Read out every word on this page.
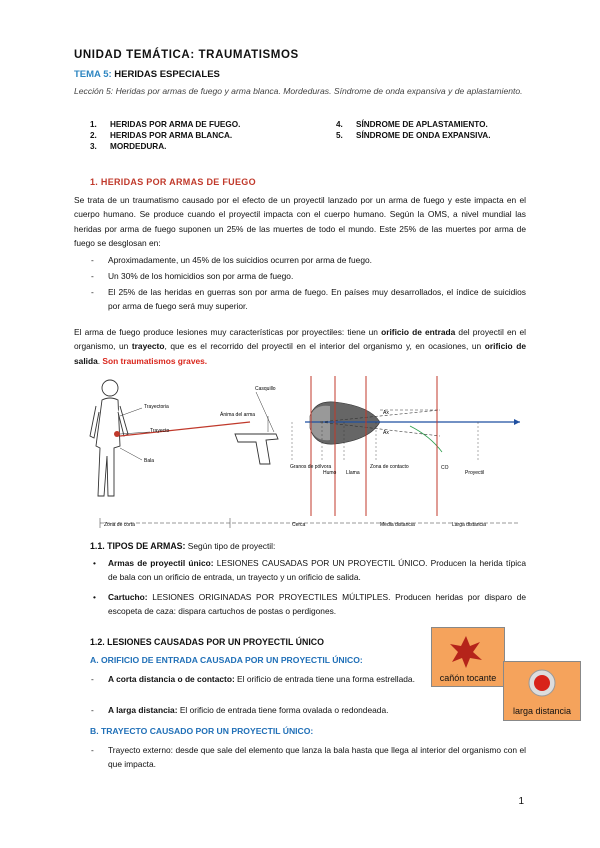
UNIDAD TEMÁTICA: TRAUMATISMOS
TEMA 5: HERIDAS ESPECIALES
Lección 5: Heridas por armas de fuego y arma blanca. Mordeduras. Síndrome de onda expansiva y de aplastamiento.
1. HERIDAS POR ARMA DE FUEGO.
2. HERIDAS POR ARMA BLANCA.
3. MORDEDURA.
4. SÍNDROME DE APLASTAMIENTO.
5. SÍNDROME DE ONDA EXPANSIVA.
1. HERIDAS POR ARMAS DE FUEGO
Se trata de un traumatismo causado por el efecto de un proyectil lanzado por un arma de fuego y este impacta en el cuerpo humano. Se produce cuando el proyectil impacta con el cuerpo humano. Según la OMS, a nivel mundial las heridas por arma de fuego suponen un 25% de las muertes de todo el mundo. Este 25% de las muertes por arma de fuego se desglosan en:
- Aproximadamente, un 45% de los suicidios ocurren por arma de fuego.
- Un 30% de los homicidios son por arma de fuego.
- El 25% de las heridas en guerras son por arma de fuego. En países muy desarrollados, el índice de suicidios por arma de fuego será muy superior.
El arma de fuego produce lesiones muy características por proyectiles: tiene un orificio de entrada del proyectil en el organismo, un trayecto, que es el recorrido del proyectil en el interior del organismo y, en ocasiones, un orificio de salida. Son traumatismos graves.
Trayectoria
Trayecto
Bala
Casquillo
Ánima del arma
Granos de pólvora
Humo Llama
Zona de contacto
Proyectil
CO
Ax
Ax
Zona de corta	Cerca	Media distancia	Larga distancia
1.1. TIPOS DE ARMAS: Según tipo de proyectil:
• Armas de proyectil único: LESIONES CAUSADAS POR UN PROYECTIL ÚNICO. Producen la herida típica de bala con un orificio de entrada, un trayecto y un orificio de salida.
• Cartucho: LESIONES ORIGINADAS POR PROYECTILES MÚLTIPLES. Producen heridas por disparo de escopeta de caza: dispara cartuchos de postas o perdigones.
1.2. LESIONES CAUSADAS POR UN PROYECTIL ÚNICO
A. ORIFICIO DE ENTRADA CAUSADA POR UN PROYECTIL ÚNICO:
- A corta distancia o de contacto: El orificio de entrada tiene una forma estrellada.
- A larga distancia: El orificio de entrada tiene forma ovalada o redondeada.
B. TRAYECTO CAUSADO POR UN PROYECTIL ÚNICO:
- Trayecto externo: desde que sale del elemento que lanza la bala hasta que llega al interior del organismo con el que impacta.
cañón tocante
larga distancia
1
